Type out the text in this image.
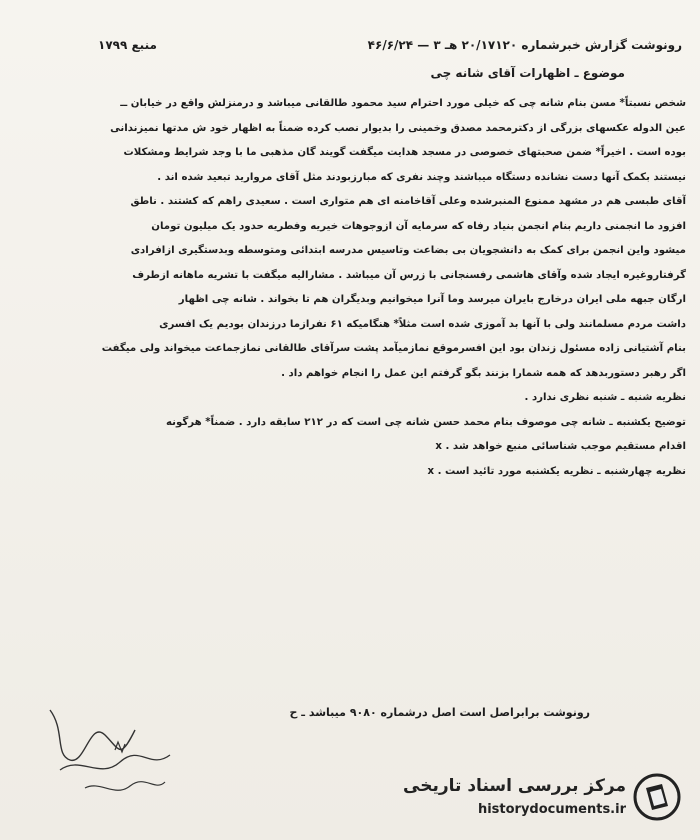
رونوشت گزارش خبرشماره ۲۰/۱۷۱۲۰ هـ ۳ — ۴۶/۶/۲۴
منبع ۱۷۹۹
موضوع ـ اظهارات آقای شانه چی
شخص نسبتاً* مسن بنام شانه چی که خیلی مورد احترام سید محمود طالقانی میباشد و درمنزلش واقع در خیابان ــ
عین الدوله عکسهای بزرگی از دکترمحمد مصدق وخمینی را بدیوار نصب کرده ضمناً به اظهار خود ش مدتها نمیزندانی
بوده است . اخیراً* ضمن صحبتهای خصوصی در مسجد هدایت میگفت گویند گان مذهبی ما با وجد شرایط ومشکلات
نیستند بکمک آنها دست نشانده دستگاه میباشند وچند نفری که مبارزبودند مثل آقای مروارید تبعید شده اند .
آقای طبسی هم در مشهد ممنوع المنبرشده وعلی آقاخامنه ای هم متواری است . سعیدی راهم که کشتند . ناطق
افزود ما انجمنی داریم بنام انجمن بنیاد رفاه که سرمایه آن ازوجوهات خیریه وفطریه حدود یک میلیون تومان
میشود واین انجمن برای کمک به دانشجویان بی بضاعت وتاسیس مدرسه ابتدائی ومتوسطه وبدستگیری ازافرادی
گرفتاروغیره ایجاد شده وآقای هاشمی رفسنجانی با زرس آن میباشد . مشارالیه میگفت با تشریه ماهانه ازطرف
ارگان جبهه ملی ایران درخارج بایران میرسد وما آنرا میخوانیم وبدیگران هم تا بخواند . شانه چی اظهار
داشت مردم مسلمانند ولی با آنها بد آموزی شده است مثلاً* هنگامیکه ۶۱ نفرازما درزندان بودیم یک افسری
بنام آشتیانی زاده مسئول زندان بود این افسرموقع نمازمیآمد پشت سرآقای طالقانی نمازجماعت میخواند ولی میگفت
اگر رهبر دستوربدهد که همه شمارا بزنند بگو گرفتم این عمل را انجام خواهم داد .
نظریه شنبه ـ شنبه نظری ندارد .
توضیح یکشنبه ـ شانه چی موصوف بنام محمد حسن شانه چی است که در ۲۱۲ سابقه دارد . ضمناً* هرگونه
اقدام مستقیم موجب شناسائی منبع خواهد شد . x
نظریه چهارشنبه ـ نظریه یکشنبه مورد تائید است . x
رونوشت برابراصل است اصل درشماره ۹۰۸۰ میباشد ـ ح
مرکز بررسی اسناد تاریخی
historydocuments.ir
